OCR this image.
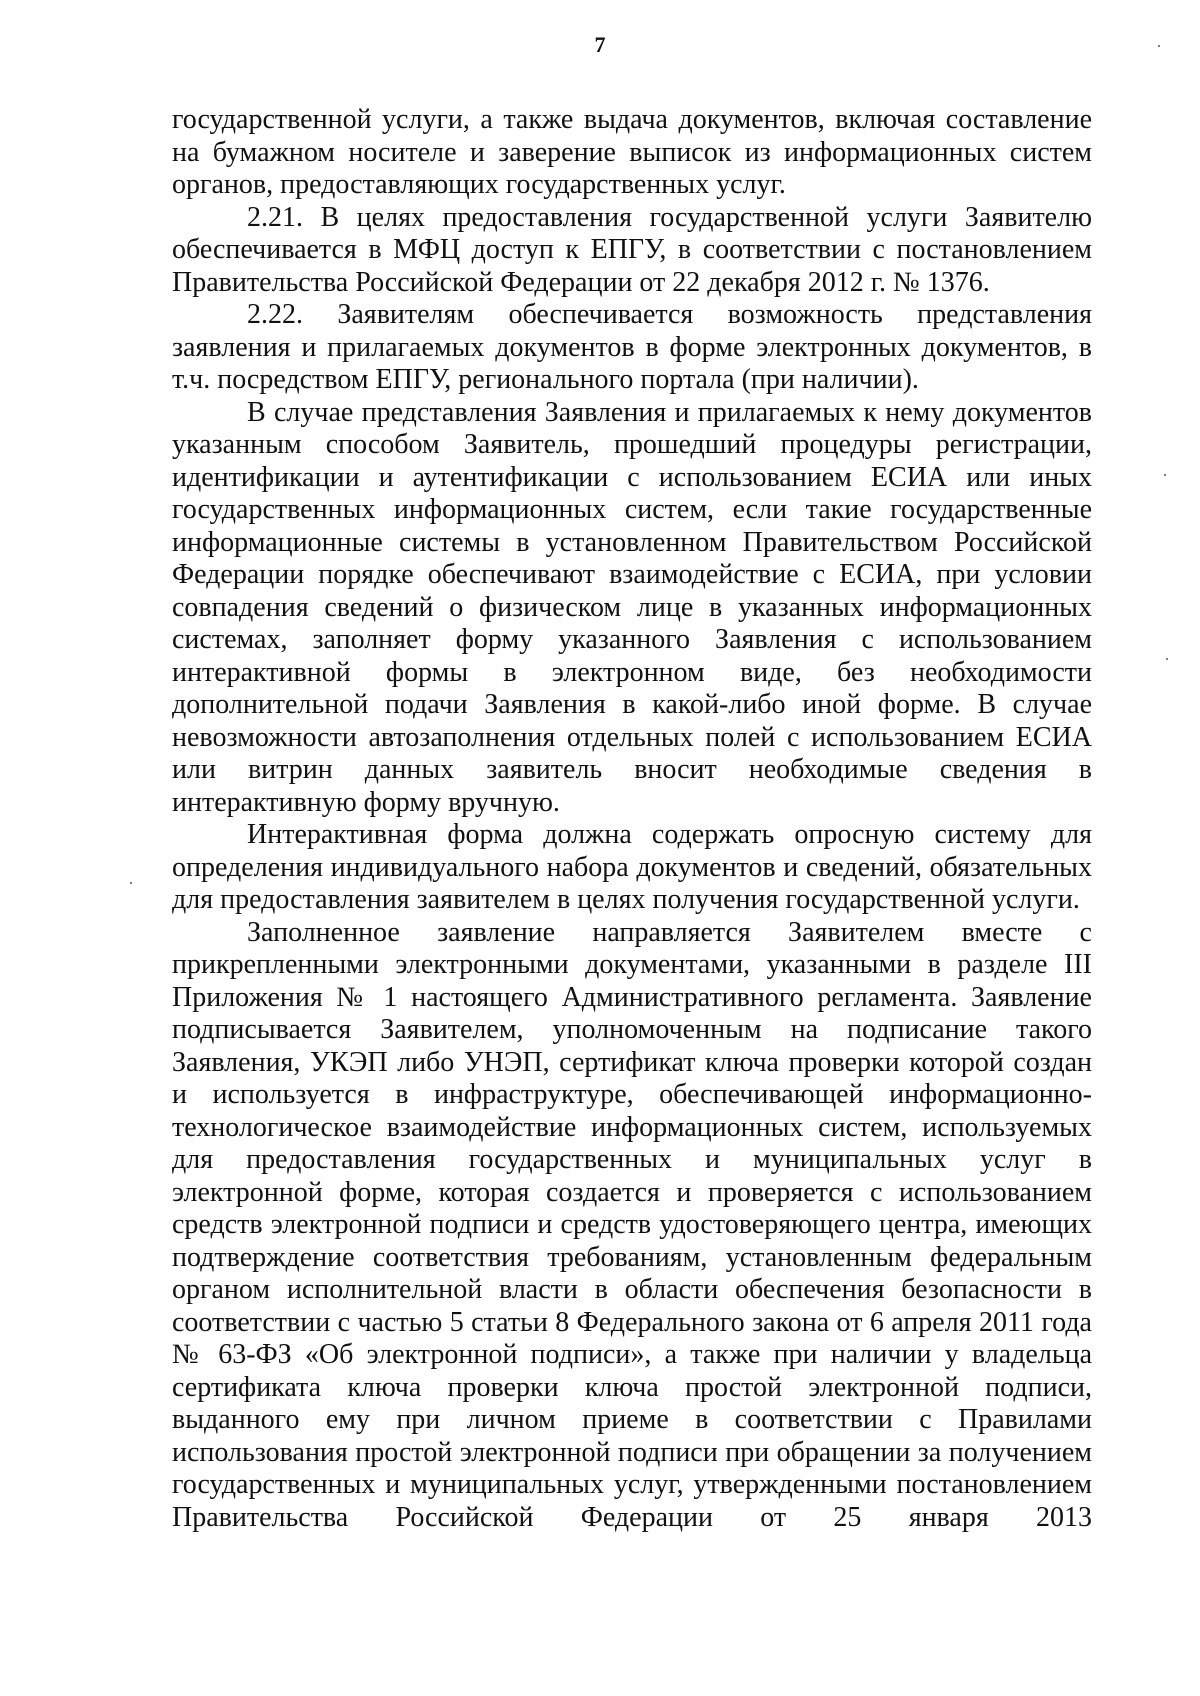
7

государственной услуги, а также выдача документов, включая составление на бумажном носителе и заверение выписок из информационных систем органов, предоставляющих государственных услуг.

2.21. В целях предоставления государственной услуги Заявителю обеспечивается в МФЦ доступ к ЕПГУ, в соответствии с постановлением Правительства Российской Федерации от 22 декабря 2012 г. № 1376.

2.22. Заявителям обеспечивается возможность представления заявления и прилагаемых документов в форме электронных документов, в т.ч. посредством ЕПГУ, регионального портала (при наличии).

В случае представления Заявления и прилагаемых к нему документов указанным способом Заявитель, прошедший процедуры регистрации, идентификации и аутентификации с использованием ЕСИА или иных государственных информационных систем, если такие государственные информационные системы в установленном Правительством Российской Федерации порядке обеспечивают взаимодействие с ЕСИА, при условии совпадения сведений о физическом лице в указанных информационных системах, заполняет форму указанного Заявления с использованием интерактивной формы в электронном виде, без необходимости дополнительной подачи Заявления в какой-либо иной форме. В случае невозможности автозаполнения отдельных полей с использованием ЕСИА или витрин данных заявитель вносит необходимые сведения в интерактивную форму вручную.

Интерактивная форма должна содержать опросную систему для определения индивидуального набора документов и сведений, обязательных для предоставления заявителем в целях получения государственной услуги.

Заполненное заявление направляется Заявителем вместе с прикрепленными электронными документами, указанными в разделе III Приложения № 1 настоящего Административного регламента. Заявление подписывается Заявителем, уполномоченным на подписание такого Заявления, УКЭП либо УНЭП, сертификат ключа проверки которой создан и используется в инфраструктуре, обеспечивающей информационно-технологическое взаимодействие информационных систем, используемых для предоставления государственных и муниципальных услуг в электронной форме, которая создается и проверяется с использованием средств электронной подписи и средств удостоверяющего центра, имеющих подтверждение соответствия требованиям, установленным федеральным органом исполнительной власти в области обеспечения безопасности в соответствии с частью 5 статьи 8 Федерального закона от 6 апреля 2011 года № 63-ФЗ «Об электронной подписи», а также при наличии у владельца сертификата ключа проверки ключа простой электронной подписи, выданного ему при личном приеме в соответствии с Правилами использования простой электронной подписи при обращении за получением государственных и муниципальных услуг, утвержденными постановлением Правительства Российской Федерации от 25 января 2013
